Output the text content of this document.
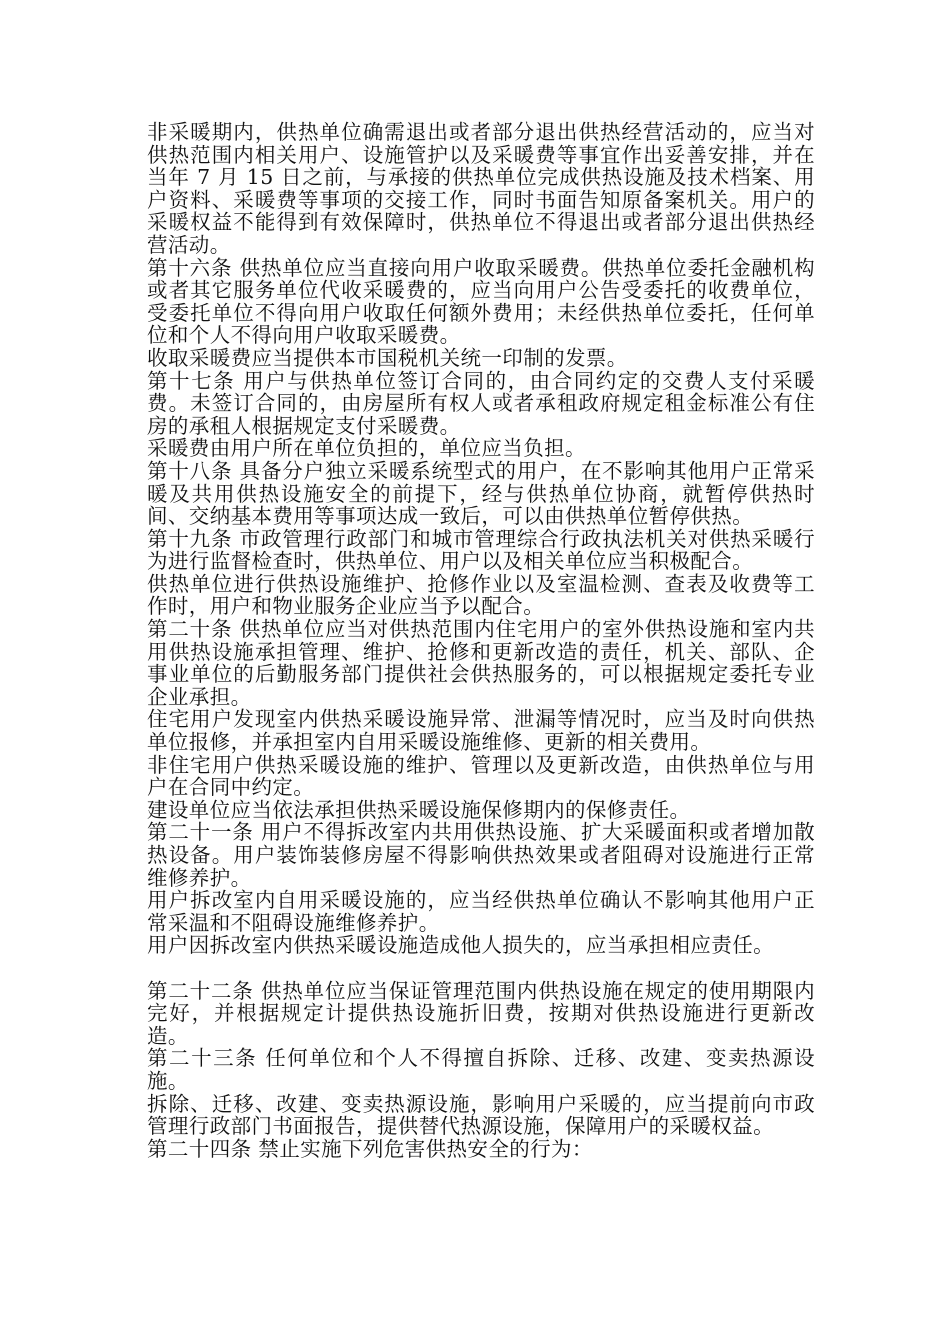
非采暖期内，供热单位确需退出或者部分退出供热经营活动的，应当对供热范围内相关用户、设施管护以及采暖费等事宜作出妥善安排，并在当年 7 月 15 日之前，与承接的供热单位完成供热设施及技术档案、用户资料、采暖费等事项的交接工作，同时书面告知原备案机关。用户的采暖权益不能得到有效保障时，供热单位不得退出或者部分退出供热经营活动。

第十六条 供热单位应当直接向用户收取采暖费。供热单位委托金融机构或者其它服务单位代收采暖费的，应当向用户公告受委托的收费单位，受委托单位不得向用户收取任何额外费用；未经供热单位委托，任何单位和个人不得向用户收取采暖费。

收取采暖费应当提供本市国税机关统一印制的发票。

第十七条 用户与供热单位签订合同的，由合同约定的交费人支付采暖费。未签订合同的，由房屋所有权人或者承租政府规定租金标准公有住房的承租人根据规定支付采暖费。

采暖费由用户所在单位负担的，单位应当负担。

第十八条 具备分户独立采暖系统型式的用户，在不影响其他用户正常采暖及共用供热设施安全的前提下，经与供热单位协商，就暂停供热时间、交纳基本费用等事项达成一致后，可以由供热单位暂停供热。

第十九条 市政管理行政部门和城市管理综合行政执法机关对供热采暖行为进行监督检查时，供热单位、用户以及相关单位应当积极配合。

供热单位进行供热设施维护、抢修作业以及室温检测、查表及收费等工作时，用户和物业服务企业应当予以配合。

第二十条 供热单位应当对供热范围内住宅用户的室外供热设施和室内共用供热设施承担管理、维护、抢修和更新改造的责任，机关、部队、企事业单位的后勤服务部门提供社会供热服务的，可以根据规定委托专业企业承担。

住宅用户发现室内供热采暖设施异常、泄漏等情况时，应当及时向供热单位报修，并承担室内自用采暖设施维修、更新的相关费用。

非住宅用户供热采暖设施的维护、管理以及更新改造，由供热单位与用户在合同中约定。

建设单位应当依法承担供热采暖设施保修期内的保修责任。

第二十一条 用户不得拆改室内共用供热设施、扩大采暖面积或者增加散热设备。用户装饰装修房屋不得影响供热效果或者阻碍对设施进行正常维修养护。

用户拆改室内自用采暖设施的，应当经供热单位确认不影响其他用户正常采温和不阻碍设施维修养护。

用户因拆改室内供热采暖设施造成他人损失的，应当承担相应责任。

第二十二条 供热单位应当保证管理范围内供热设施在规定的使用期限内完好，并根据规定计提供热设施折旧费，按期对供热设施进行更新改造。

第二十三条 任何单位和个人不得擅自拆除、迁移、改建、变卖热源设施。

拆除、迁移、改建、变卖热源设施，影响用户采暖的，应当提前向市政管理行政部门书面报告，提供替代热源设施，保障用户的采暖权益。

第二十四条 禁止实施下列危害供热安全的行为：
